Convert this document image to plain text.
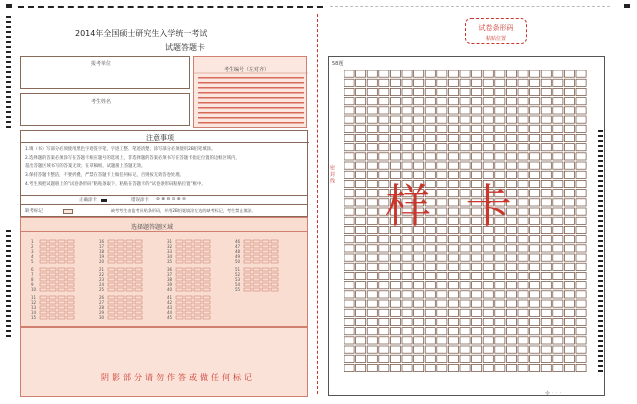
2014年全国硕士研究生入学统一考试
试题答题卡
报考单位
考生姓名
考生编号（左对齐）
注意事项
1.填（书）写部分必须使用黑色字迹签字笔，字迹工整、笔迹清楚；涂写部分必须使用2B铅笔填涂。
2.选择题的答案必须涂写在答题卡相应题号的选项上，非选择题的答案必须书写在答题卡指定位置的边框区域内，
超出答题区域书写的答案无效；在草稿纸、试题册上答题无效。
3.保持答题卡整洁，不要折叠，严禁在答题卡上做任何标记，否则按无效答卷处理。
4.考生须把试题册上的“试卷条形码”粘贴条取下，粘贴在答题卡的“试卷条形码粘贴位置”框中。
正确涂卡	错误涂卡 ⊘ ⊗ ⊖ ⊙ ⊛ ⊜
缺考标记	缺考考生由监考员贴条形码，并用2B铅笔填涂左边的缺考标记，考生禁止填涂。
选择题答题区域
1
2
3
4
5
16
17
18
19
20
31
32
33
34
35
46
47
48
49
50
6
7
8
9
10
21
22
23
24
25
36
37
38
39
40
51
52
53
54
55
11
12
13
14
15
26
27
28
29
30
41
42
43
44
45
阴影部分请勿作答或做任何标记
密 封 线
试卷条形码
粘贴位置
58题
样 卡
✤ · · ·
